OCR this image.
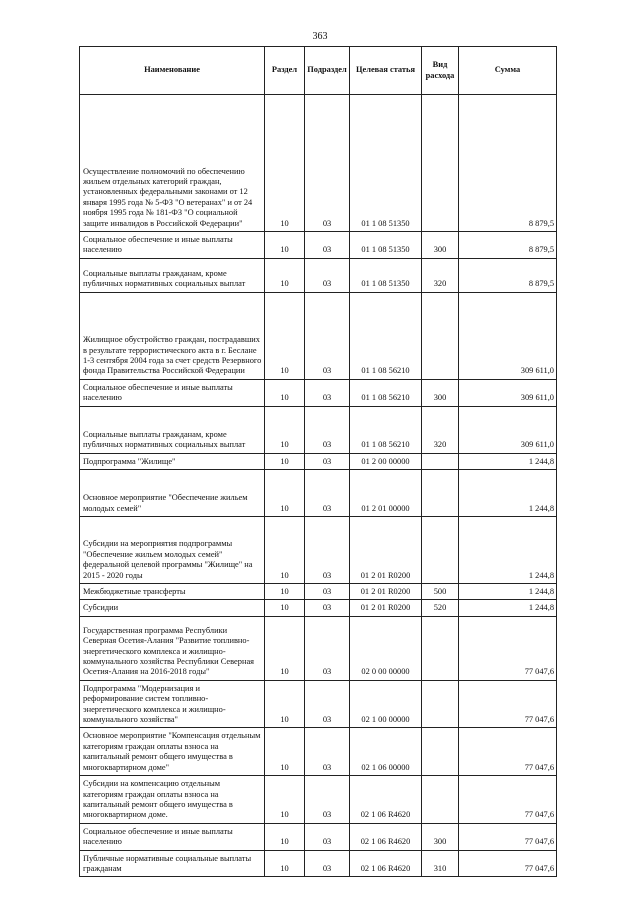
363
Наименование	Раздел	Подраздел	Целевая статья	Вид расхода	Сумма
Осуществление полномочий по обеспечению жильем отдельных категорий граждан, установленных федеральными законами от 12 января 1995 года № 5-ФЗ "О ветеранах" и от 24 ноября 1995 года № 181-ФЗ "О социальной защите инвалидов в Российской Федерации"	10	03	01 1 08 51350		8 879,5
Социальное обеспечение и иные выплаты населению	10	03	01 1 08 51350	300	8 879,5
Социальные выплаты гражданам, кроме публичных нормативных социальных выплат	10	03	01 1 08 51350	320	8 879,5
Жилищное обустройство граждан, пострадавших в результате террористического акта в г. Беслане 1-3 сентября 2004 года за счет средств Резервного фонда Правительства Российской Федерации	10	03	01 1 08 56210		309 611,0
Социальное обеспечение и иные выплаты населению	10	03	01 1 08 56210	300	309 611,0
Социальные выплаты гражданам, кроме публичных нормативных социальных выплат	10	03	01 1 08 56210	320	309 611,0
Подпрограмма "Жилище"	10	03	01 2 00 00000		1 244,8
Основное мероприятие "Обеспечение жильем молодых семей"	10	03	01 2 01 00000		1 244,8
Субсидии на мероприятия подпрограммы "Обеспечение жильем молодых семей" федеральной целевой программы "Жилище" на 2015 - 2020 годы	10	03	01 2 01 R0200		1 244,8
Межбюджетные трансферты	10	03	01 2 01 R0200	500	1 244,8
Субсидии	10	03	01 2 01 R0200	520	1 244,8
Государственная программа Республики Северная Осетия-Алания "Развитие топливно-энергетического комплекса и жилищно-коммунального хозяйства Республики Северная Осетия-Алания на 2016-2018 годы"	10	03	02 0 00 00000		77 047,6
Подпрограмма "Модернизация и реформирование систем топливно-энергетического комплекса и жилищно-коммунального хозяйства"	10	03	02 1 00 00000		77 047,6
Основное мероприятие "Компенсация отдельным категориям граждан оплаты взноса на капитальный ремонт общего имущества в многоквартирном доме"	10	03	02 1 06 00000		77 047,6
Субсидии на компенсацию отдельным категориям граждан оплаты взноса на капитальный ремонт общего имущества в многоквартирном доме.	10	03	02 1 06 R4620		77 047,6
Социальное обеспечение и иные выплаты населению	10	03	02 1 06 R4620	300	77 047,6
Публичные нормативные социальные выплаты гражданам	10	03	02 1 06 R4620	310	77 047,6
